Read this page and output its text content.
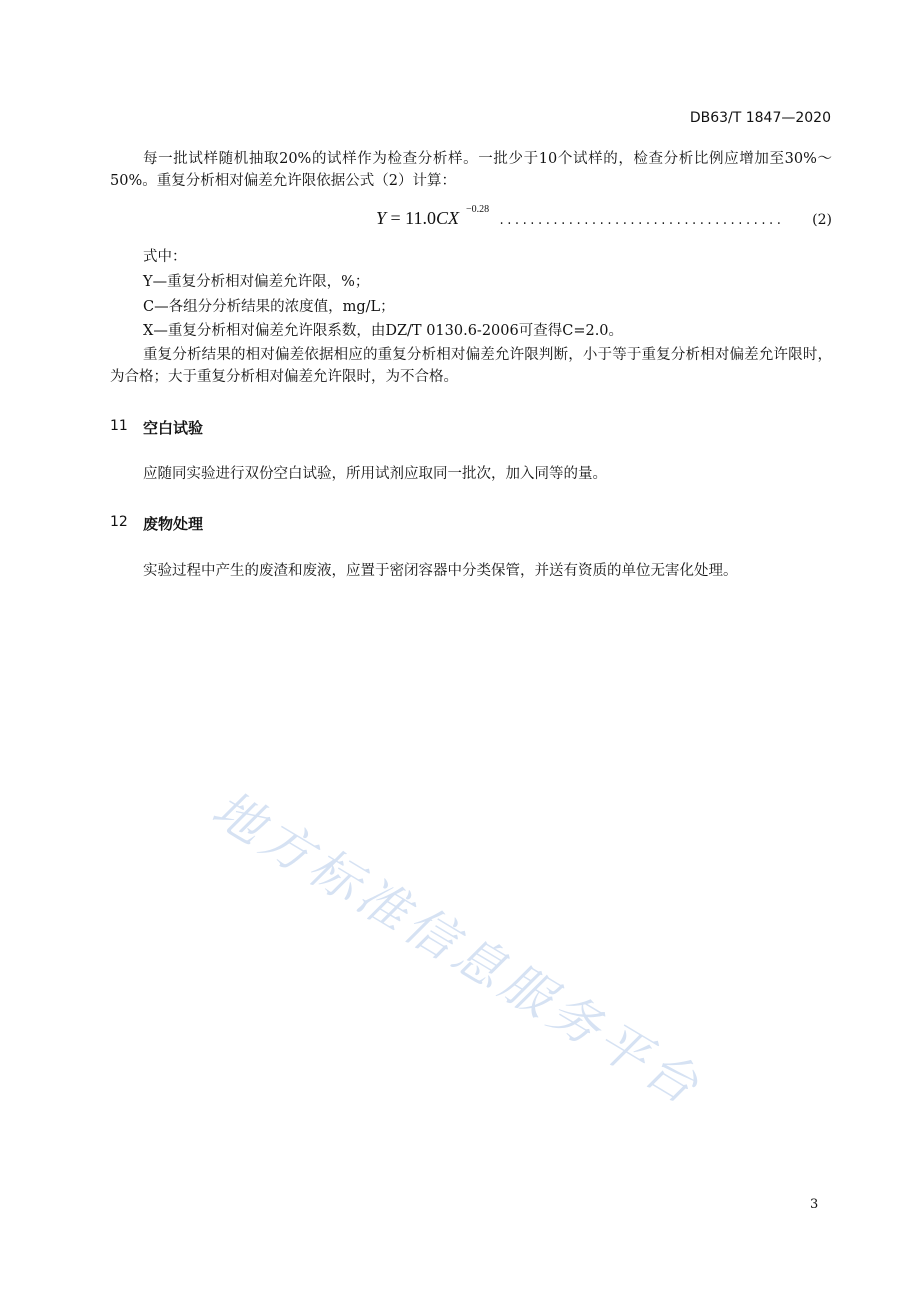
DB63/T 1847—2020
每一批试样随机抽取20%的试样作为检查分析样。一批少于10个试样的，检查分析比例应增加至30%～50%。重复分析相对偏差允许限依据公式（2）计算：
Y = 11.0CX −0.28
..................................... (2)
式中：
Y—重复分析相对偏差允许限，%；
C—各组分分析结果的浓度值，mg/L；
X—重复分析相对偏差允许限系数，由DZ/T 0130.6-2006可查得C=2.0。
重复分析结果的相对偏差依据相应的重复分析相对偏差允许限判断，小于等于重复分析相对偏差允许限时，为合格；大于重复分析相对偏差允许限时，为不合格。
11 空白试验
应随同实验进行双份空白试验，所用试剂应取同一批次，加入同等的量。
12 废物处理
实验过程中产生的废渣和废液，应置于密闭容器中分类保管，并送有资质的单位无害化处理。
地方标准信息服务平台
3
